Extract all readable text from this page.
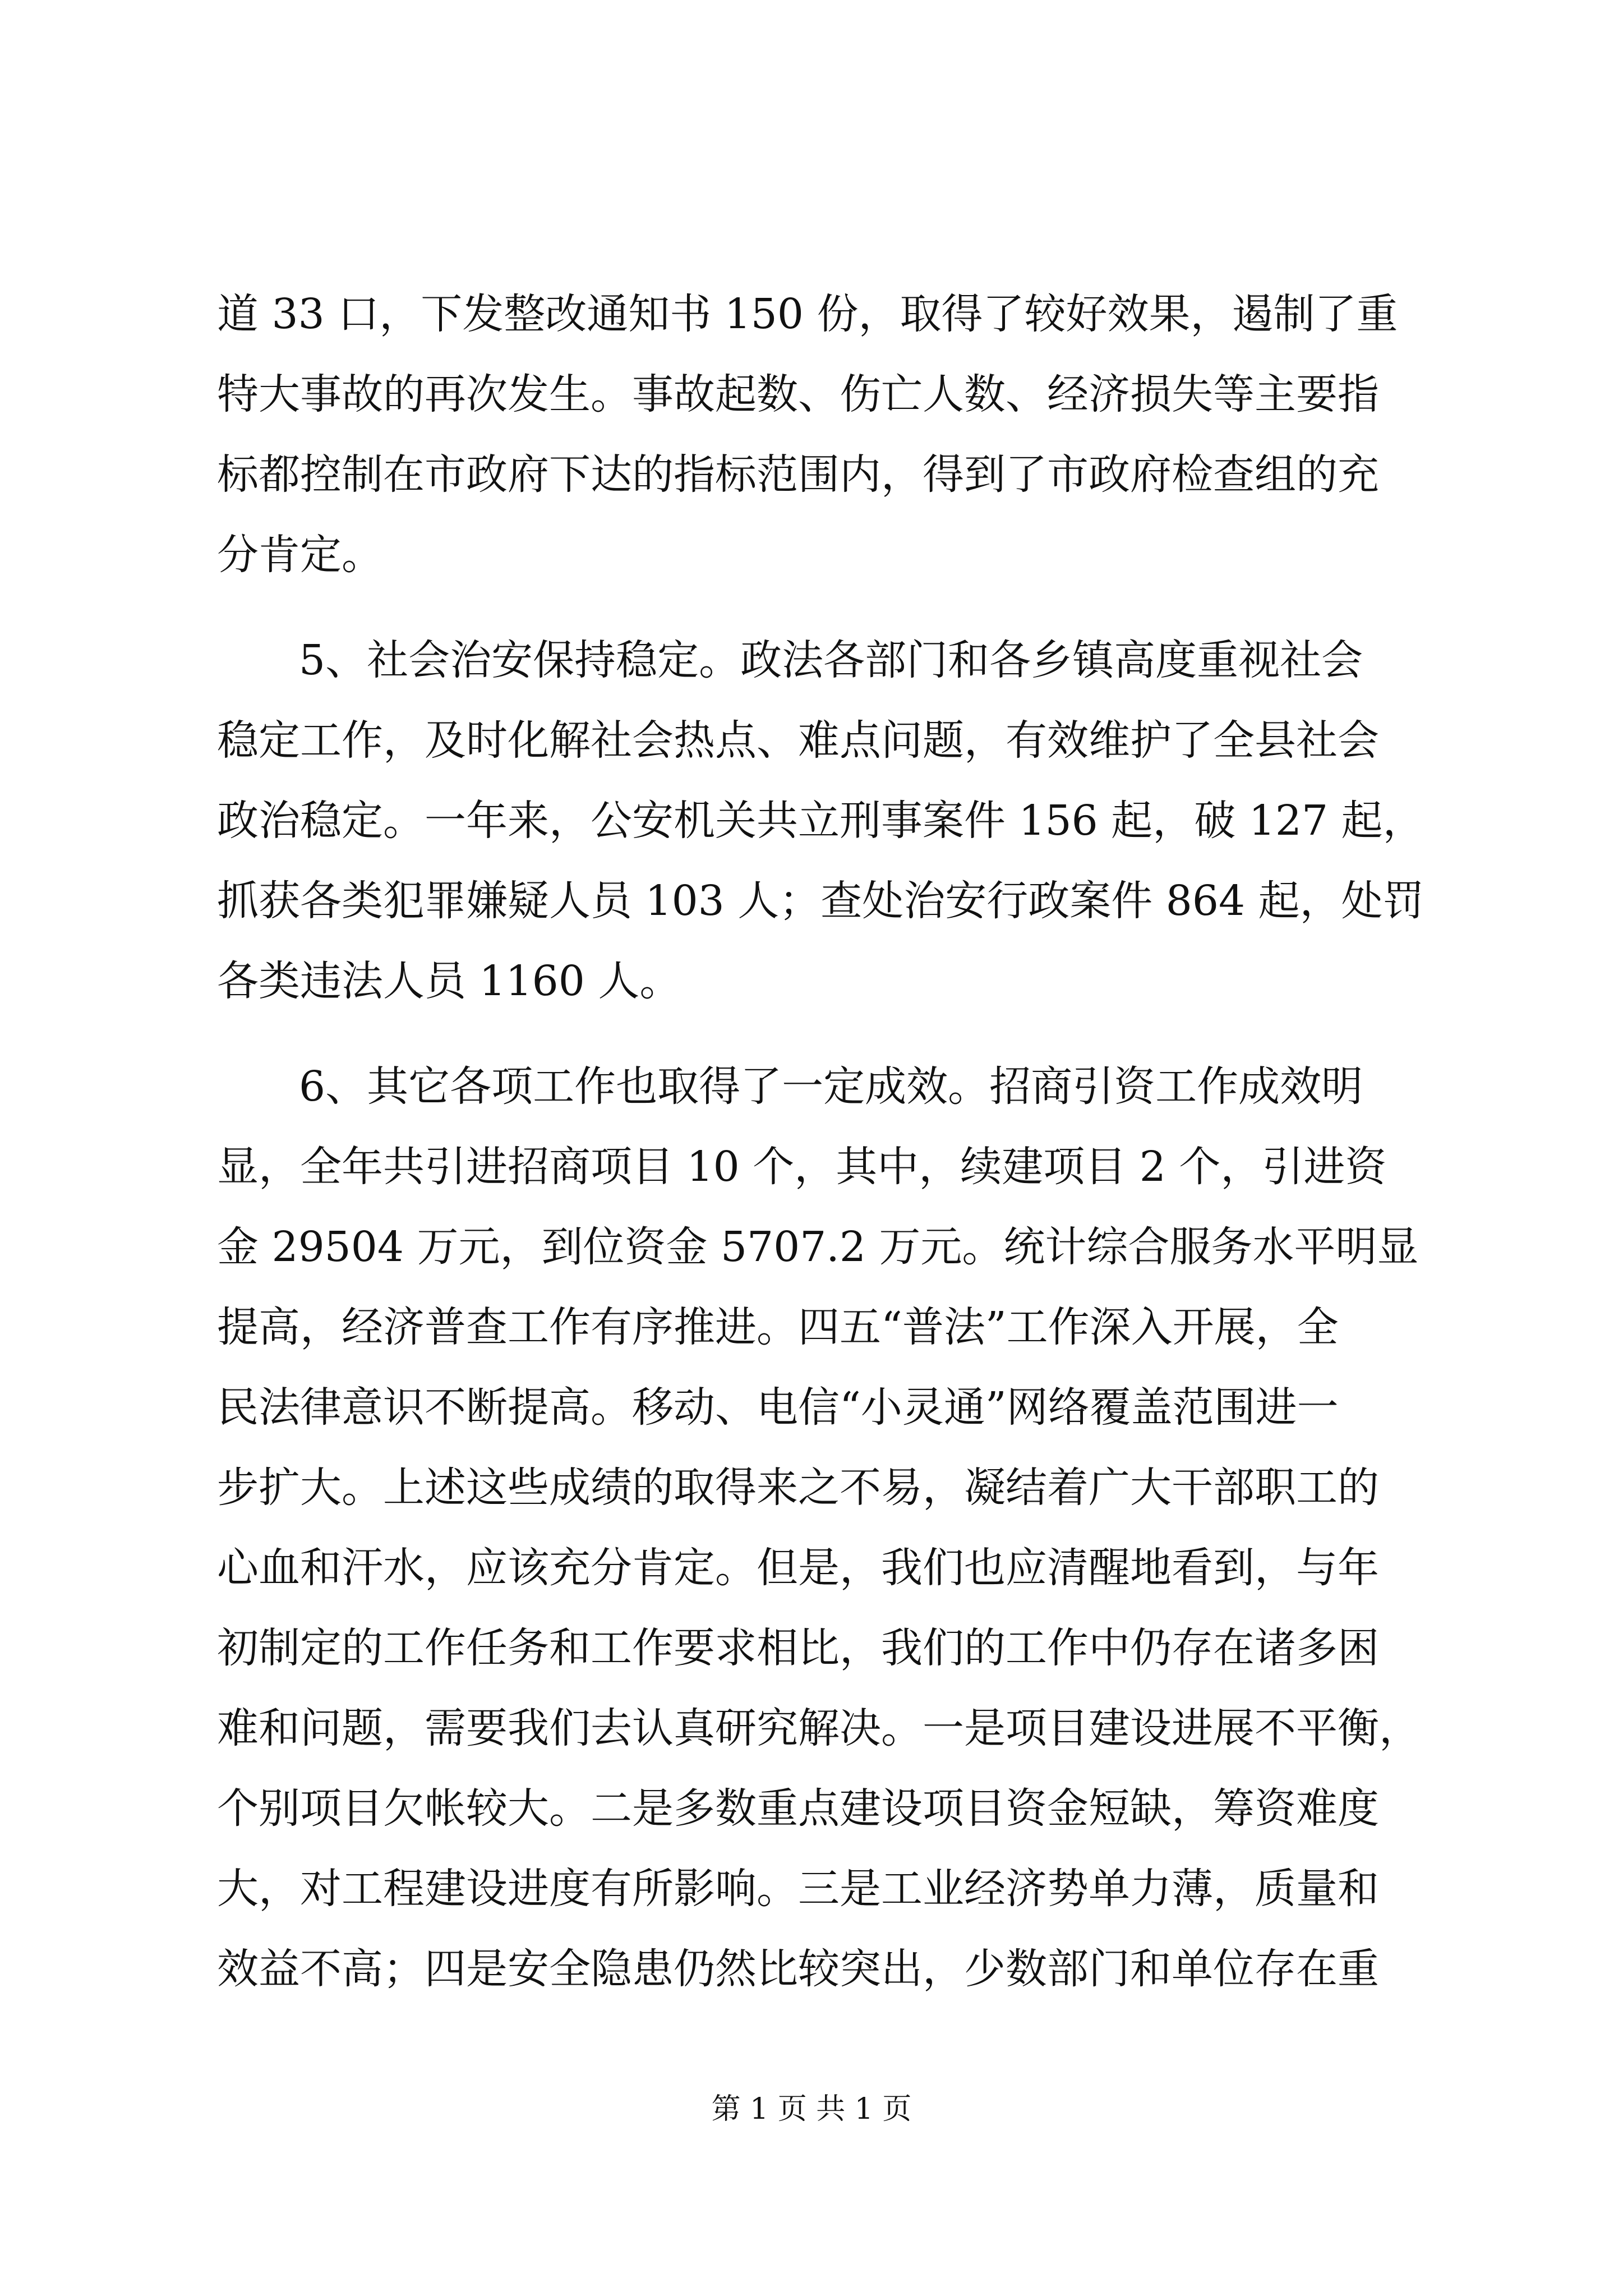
道 33 口，下发整改通知书 150 份，取得了较好效果，遏制了重
特大事故的再次发生。事故起数、伤亡人数、经济损失等主要指
标都控制在市政府下达的指标范围内，得到了市政府检查组的充
分肯定。
5、社会治安保持稳定。政法各部门和各乡镇高度重视社会
稳定工作，及时化解社会热点、难点问题，有效维护了全县社会
政治稳定。一年来，公安机关共立刑事案件 156 起，破 127 起，
抓获各类犯罪嫌疑人员 103 人；查处治安行政案件 864 起，处罚
各类违法人员 1160 人。
6、其它各项工作也取得了一定成效。招商引资工作成效明
显，全年共引进招商项目 10 个，其中，续建项目 2 个，引进资
金 29504 万元，到位资金 5707.2 万元。统计综合服务水平明显
提高，经济普查工作有序推进。四五“普法”工作深入开展，全
民法律意识不断提高。移动、电信“小灵通”网络覆盖范围进一
步扩大。上述这些成绩的取得来之不易，凝结着广大干部职工的
心血和汗水，应该充分肯定。但是，我们也应清醒地看到，与年
初制定的工作任务和工作要求相比，我们的工作中仍存在诸多困
难和问题，需要我们去认真研究解决。一是项目建设进展不平衡，
个别项目欠帐较大。二是多数重点建设项目资金短缺，筹资难度
大，对工程建设进度有所影响。三是工业经济势单力薄，质量和
效益不高；四是安全隐患仍然比较突出，少数部门和单位存在重
第 1 页 共 1 页
